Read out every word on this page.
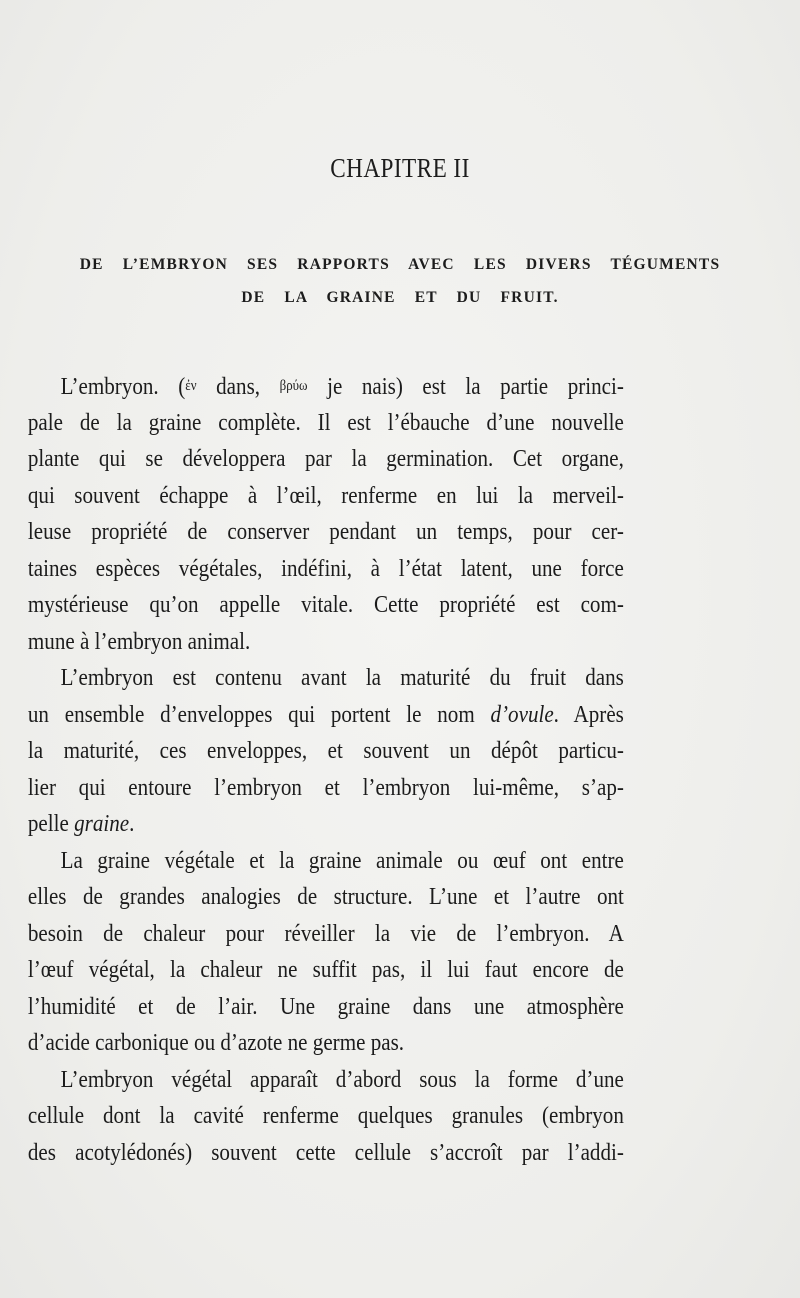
CHAPITRE II
DE L’EMBRYON SES RAPPORTS AVEC LES DIVERS TÉGUMENTS
DE LA GRAINE ET DU FRUIT.
L’embryon. (ἐν dans, βρύω je nais) est la partie princi-
pale de la graine complète. Il est l’ébauche d’une nouvelle
plante qui se développera par la germination. Cet organe,
qui souvent échappe à l’œil, renferme en lui la merveil-
leuse propriété de conserver pendant un temps, pour cer-
taines espèces végétales, indéfini, à l’état latent, une force
mystérieuse qu’on appelle vitale. Cette propriété est com-
mune à l’embryon animal.
L’embryon est contenu avant la maturité du fruit dans
un ensemble d’enveloppes qui portent le nom d’ovule. Après
la maturité, ces enveloppes, et souvent un dépôt particu-
lier qui entoure l’embryon et l’embryon lui-même, s’ap-
pelle graine.
La graine végétale et la graine animale ou œuf ont entre
elles de grandes analogies de structure. L’une et l’autre ont
besoin de chaleur pour réveiller la vie de l’embryon. A
l’œuf végétal, la chaleur ne suffit pas, il lui faut encore de
l’humidité et de l’air. Une graine dans une atmosphère
d’acide carbonique ou d’azote ne germe pas.
L’embryon végétal apparaît d’abord sous la forme d’une
cellule dont la cavité renferme quelques granules (embryon
des acotylédonés) souvent cette cellule s’accroît par l’addi-
